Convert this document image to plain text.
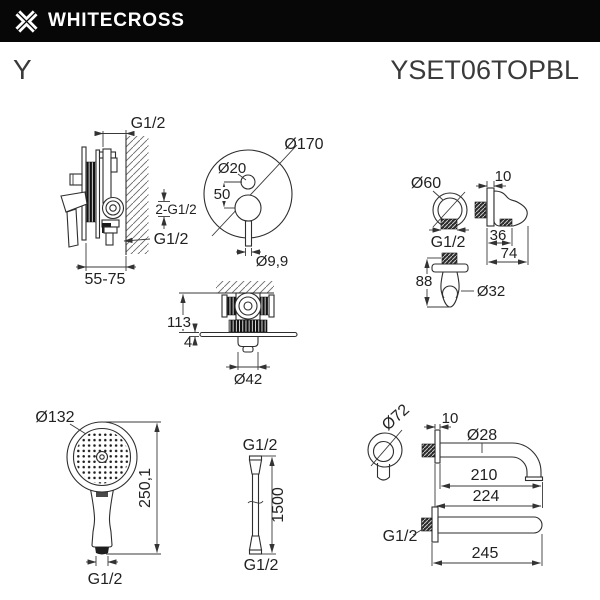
WHITECROSS
Y	YSET06TOPBL
G1/2
2-G1/2
G1/2
55-75
Ø170
Ø20
50
Ø9,9
113
4
Ø42
Ø60
G1/2
88
Ø32
10
36
74
Ø132
250,1
G1/2
G1/2
1500
G1/2
Ø72 10
Ø28
210
224
G1/2
245
